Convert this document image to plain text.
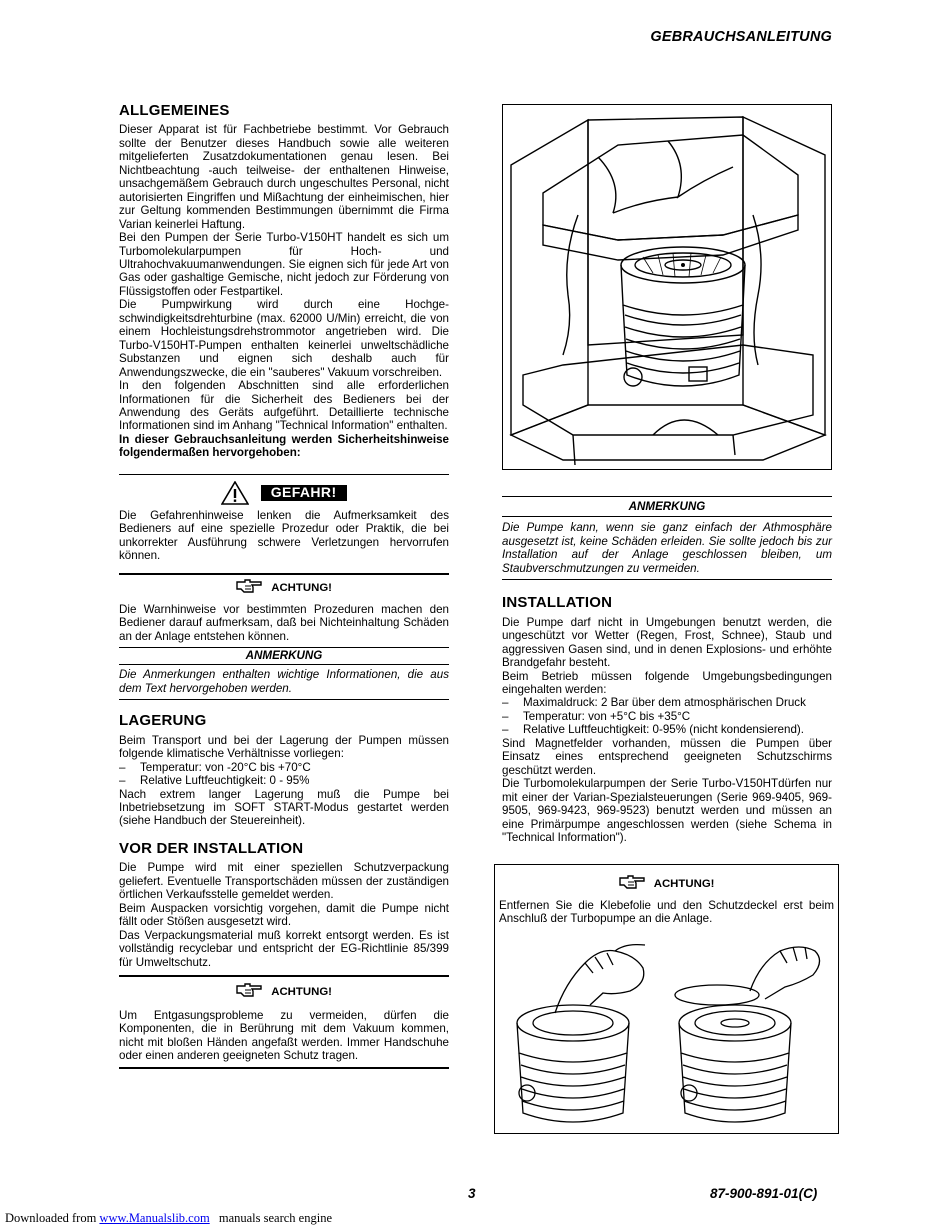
GEBRAUCHSANLEITUNG
ALLGEMEINES

Dieser Apparat ist für Fachbetriebe bestimmt. Vor Gebrauch sollte der Benutzer dieses Handbuch sowie alle weiteren mitgelieferten Zusatzdokumentationen genau lesen. Bei Nichtbeachtung -auch teilweise- der enthaltenen Hinweise, unsachgemäßem Gebrauch durch ungeschultes Personal, nicht autorisierten Eingriffen und Mißachtung der einheimischen, hier zur Geltung kommenden Bestimmungen übernimmt die Firma Varian keinerlei Haftung.

Bei den Pumpen der Serie Turbo-V150HT handelt es sich um Turbomolekularpumpen für Hoch- und Ultrahochvakuumanwendungen. Sie eignen sich für jede Art von Gas oder gashaltige Gemische, nicht jedoch zur Förderung von Flüssigstoffen oder Festpartikel.

Die Pumpwirkung wird durch eine Hochge- schwindigkeitsdrehturbine (max. 62000 U/Min) erreicht, die von einem Hochleistungsdrehstrommotor angetrieben wird. Die Turbo-V150HT-Pumpen enthalten keinerlei unweltschädliche Substanzen und eignen sich deshalb auch für Anwendungszwecke, die ein "sauberes" Vakuum vorschreiben.

In den folgenden Abschnitten sind alle erforderlichen Informationen für die Sicherheit des Bedieners bei der Anwendung des Geräts aufgeführt. Detaillierte technische Informationen sind im Anhang "Technical Information" enthalten.

In dieser Gebrauchsanleitung werden Sicherheitshinweise folgendermaßen hervorgehoben:

GEFAHR!

Die Gefahrenhinweise lenken die Aufmerksamkeit des Bedieners auf eine spezielle Prozedur oder Praktik, die bei unkorrekter Ausführung schwere Verletzungen hervorrufen können.

ACHTUNG!

Die Warnhinweise vor bestimmten Prozeduren machen den Bediener darauf aufmerksam, daß bei Nichteinhaltung Schäden an der Anlage entstehen können.

ANMERKUNG

Die Anmerkungen enthalten wichtige Informationen, die aus dem Text hervorgehoben werden.

LAGERUNG

Beim Transport und bei der Lagerung der Pumpen müssen folgende klimatische Verhältnisse vorliegen:

– Temperatur: von -20°C bis +70°C
– Relative Luftfeuchtigkeit: 0 - 95%

Nach extrem langer Lagerung muß die Pumpe bei Inbetriebsetzung im SOFT START-Modus gestartet werden (siehe Handbuch der Steuereinheit).

VOR DER INSTALLATION

Die Pumpe wird mit einer speziellen Schutzverpackung geliefert. Eventuelle Transportschäden müssen der zuständigen örtlichen Verkaufsstelle gemeldet werden.

Beim Auspacken vorsichtig vorgehen, damit die Pumpe nicht fällt oder Stößen ausgesetzt wird.

Das Verpackungsmaterial muß korrekt entsorgt werden. Es ist vollständig recyclebar und entspricht der EG-Richtlinie 85/399 für Umweltschutz.

ACHTUNG!

Um Entgasungsprobleme zu vermeiden, dürfen die Komponenten, die in Berührung mit dem Vakuum kommen, nicht mit bloßen Händen angefaßt werden. Immer Handschuhe oder einen anderen geeigneten Schutz tragen.

ANMERKUNG

Die Pumpe kann, wenn sie ganz einfach der Athmosphäre ausgesetzt ist, keine Schäden erleiden. Sie sollte jedoch bis zur Installation auf der Anlage geschlossen bleiben, um Staubverschmutzungen zu vermeiden.

INSTALLATION

Die Pumpe darf nicht in Umgebungen benutzt werden, die ungeschützt vor Wetter (Regen, Frost, Schnee), Staub und aggressiven Gasen sind, und in denen Explosions- und erhöhte Brandgefahr besteht.

Beim Betrieb müssen folgende Umgebungsbedingungen eingehalten werden:

– Maximaldruck: 2 Bar über dem atmosphärischen Druck
– Temperatur: von +5°C bis +35°C
– Relative Luftfeuchtigkeit: 0-95% (nicht kondensierend).

Sind Magnetfelder vorhanden, müssen die Pumpen über Einsatz eines entsprechend geeigneten Schutzschirms geschützt werden.

Die Turbomolekularpumpen der Serie Turbo-V150HTdürfen nur mit einer der Varian-Spezialsteuerungen (Serie 969-9405, 969-9505, 969-9423, 969-9523) benutzt werden und müssen an eine Primärpumpe angeschlossen werden (siehe Schema in "Technical Information").

ACHTUNG!

Entfernen Sie die Klebefolie und den Schutzdeckel erst beim Anschluß der Turbopumpe an die Anlage.

3	87-900-891-01(C)
Downloaded from www.Manualslib.com manuals search engine
